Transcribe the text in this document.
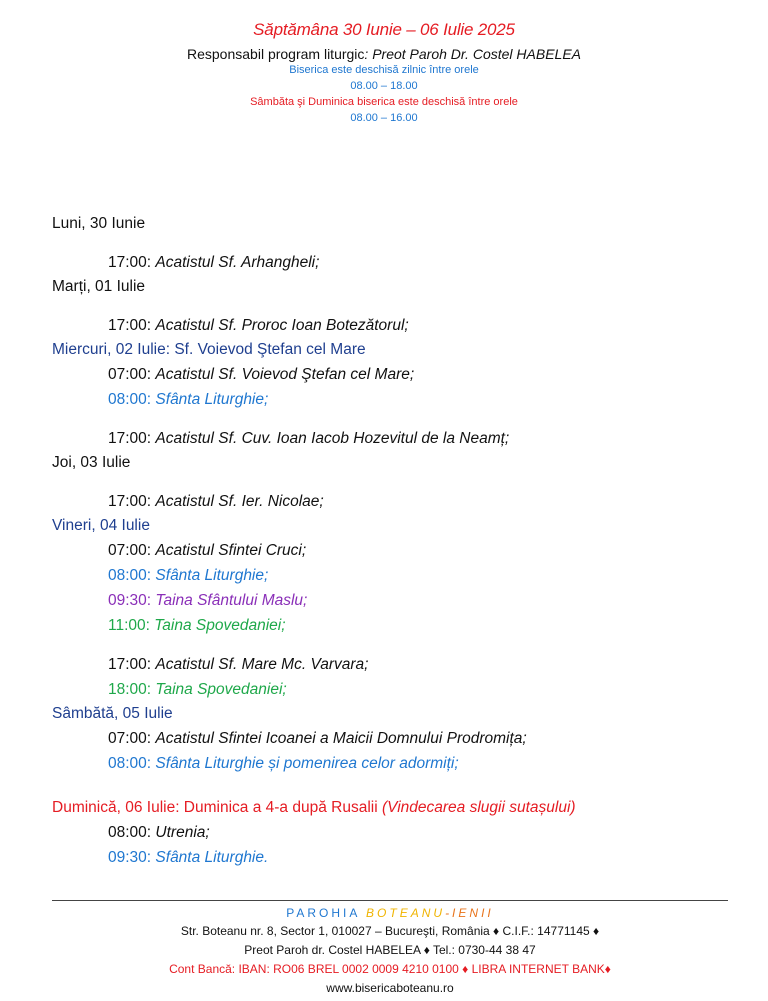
Săptămâna 30 Iunie – 06 Iulie 2025
Responsabil program liturgic: Preot Paroh Dr. Costel HABELEA
Biserica este deschisă zilnic între orele
08.00 – 18.00
Sâmbăta şi Duminica biserica este deschisă între orele
08.00 – 16.00
Luni, 30 Iunie
17:00: Acatistul Sf. Arhangheli;
Marți, 01 Iulie
17:00: Acatistul Sf. Proroc Ioan Botezătorul;
Miercuri, 02 Iulie: Sf. Voievod Ştefan cel Mare
07:00: Acatistul Sf. Voievod Ştefan cel Mare;
08:00: Sfânta Liturghie;
17:00: Acatistul Sf. Cuv. Ioan Iacob Hozevitul de la Neamț;
Joi, 03 Iulie
17:00: Acatistul Sf. Ier. Nicolae;
Vineri, 04 Iulie
07:00: Acatistul Sfintei Cruci;
08:00: Sfânta Liturghie;
09:30: Taina Sfântului Maslu;
11:00: Taina Spovedaniei;
17:00: Acatistul Sf. Mare Mc. Varvara;
18:00: Taina Spovedaniei;
Sâmbătă, 05 Iulie
07:00: Acatistul Sfintei Icoanei a Maicii Domnului Prodromița;
08:00: Sfânta Liturghie și pomenirea celor adormiți;
Duminică, 06 Iulie: Duminica a 4-a după Rusalii (Vindecarea slugii sutașului)
08:00: Utrenia;
09:30: Sfânta Liturghie.
PAROHIA BOTEANU-IENII
Str. Boteanu nr. 8, Sector 1, 010027 – Bucureşti, România ♦ C.I.F.: 14771145 ♦
Preot Paroh dr. Costel HABELEA ♦ Tel.: 0730-44 38 47
Cont Bancă: IBAN: RO06 BREL 0002 0009 4210 0100 ♦ LIBRA INTERNET BANK♦
www.bisericaboteanu.ro
